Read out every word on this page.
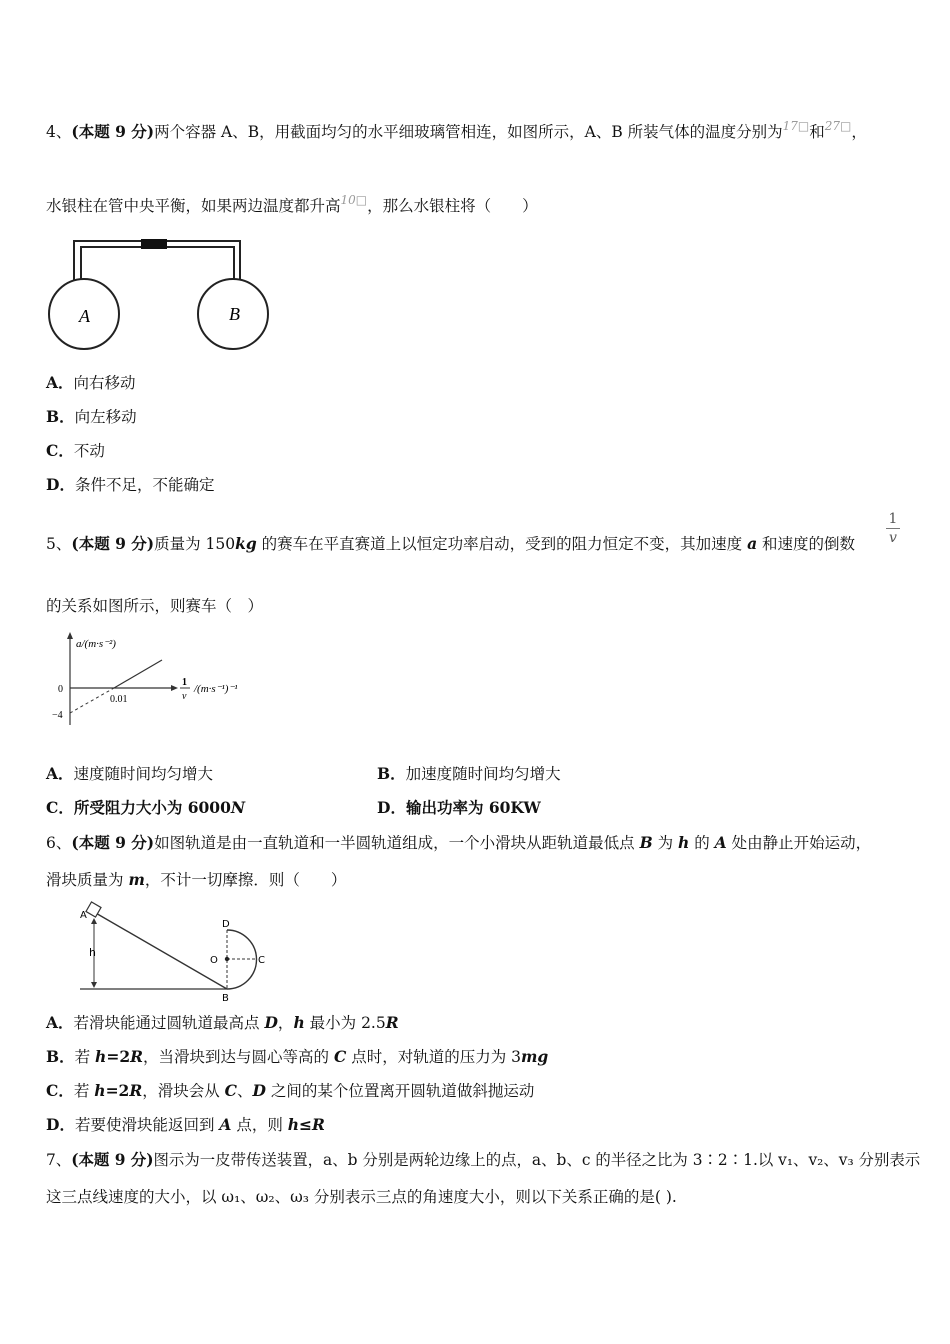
4、(本题 9 分)两个容器 A、B，用截面均匀的水平细玻璃管相连，如图所示，A、B 所装气体的温度分别为$^{17□}$和$^{27□}$，
水银柱在管中央平衡，如果两边温度都升高$^{10□}$，那么水银柱将（　　）
A	B
A．向右移动
B．向左移动
C．不动
D．条件不足，不能确定
5、(本题 9 分)质量为 150kg 的赛车在平直赛道上以恒定功率启动，受到的阻力恒定不变，其加速度 a 和速度的倒数 $\frac{1}{v}$
的关系如图所示，则赛车（　）
a/(m·s⁻²)
0
−4
0.01
1
v
/(m·s⁻¹)⁻¹
A．速度随时间均匀增大	B．加速度随时间均匀增大
C．所受阻力大小为 6000N	D．输出功率为 60KW
6、(本题 9 分)如图轨道是由一直轨道和一半圆轨道组成，一个小滑块从距轨道最低点 B 为 h 的 A 处由静止开始运动，
滑块质量为 m，不计一切摩擦．则（　　）
A
h
D
O	C
B
A．若滑块能通过圆轨道最高点 D，h 最小为 2.5R
B．若 h=2R，当滑块到达与圆心等高的 C 点时，对轨道的压力为 3mg
C．若 h=2R，滑块会从 C、D 之间的某个位置离开圆轨道做斜抛运动
D．若要使滑块能返回到 A 点，则 h≤R
7、(本题 9 分)图示为一皮带传送装置，a、b 分别是两轮边缘上的点，a、b、c 的半径之比为 3∶2∶1.以 v₁、v₂、v₃ 分别表示
这三点线速度的大小，以 ω₁、ω₂、ω₃ 分别表示三点的角速度大小，则以下关系正确的是( ).
